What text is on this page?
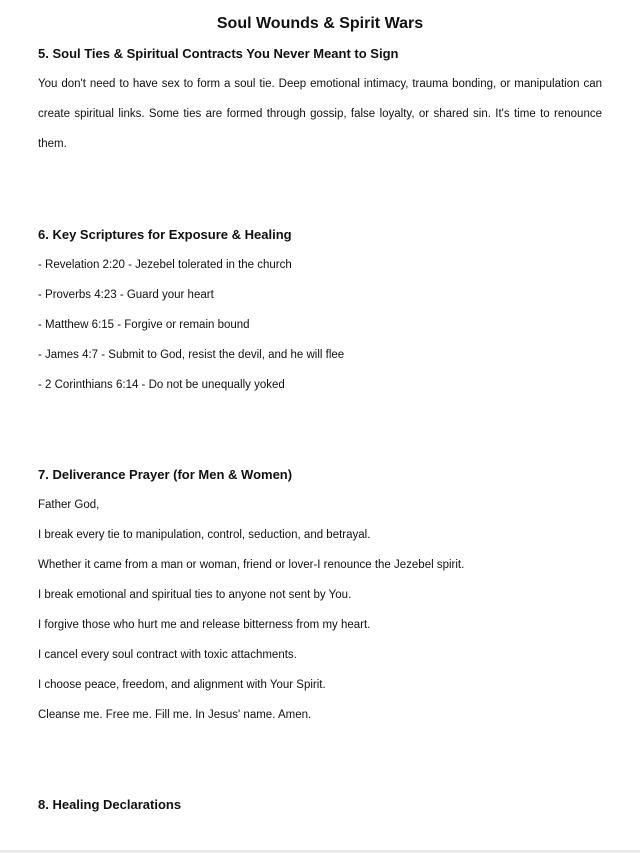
Soul Wounds & Spirit Wars
5. Soul Ties & Spiritual Contracts You Never Meant to Sign
You don't need to have sex to form a soul tie. Deep emotional intimacy, trauma bonding, or manipulation can
create spiritual links. Some ties are formed through gossip, false loyalty, or shared sin. It's time to renounce
them.
6. Key Scriptures for Exposure & Healing
- Revelation 2:20 - Jezebel tolerated in the church
- Proverbs 4:23 - Guard your heart
- Matthew 6:15 - Forgive or remain bound
- James 4:7 - Submit to God, resist the devil, and he will flee
- 2 Corinthians 6:14 - Do not be unequally yoked
7. Deliverance Prayer (for Men & Women)
Father God,
I break every tie to manipulation, control, seduction, and betrayal.
Whether it came from a man or woman, friend or lover-I renounce the Jezebel spirit.
I break emotional and spiritual ties to anyone not sent by You.
I forgive those who hurt me and release bitterness from my heart.
I cancel every soul contract with toxic attachments.
I choose peace, freedom, and alignment with Your Spirit.
Cleanse me. Free me. Fill me. In Jesus' name. Amen.
8. Healing Declarations
